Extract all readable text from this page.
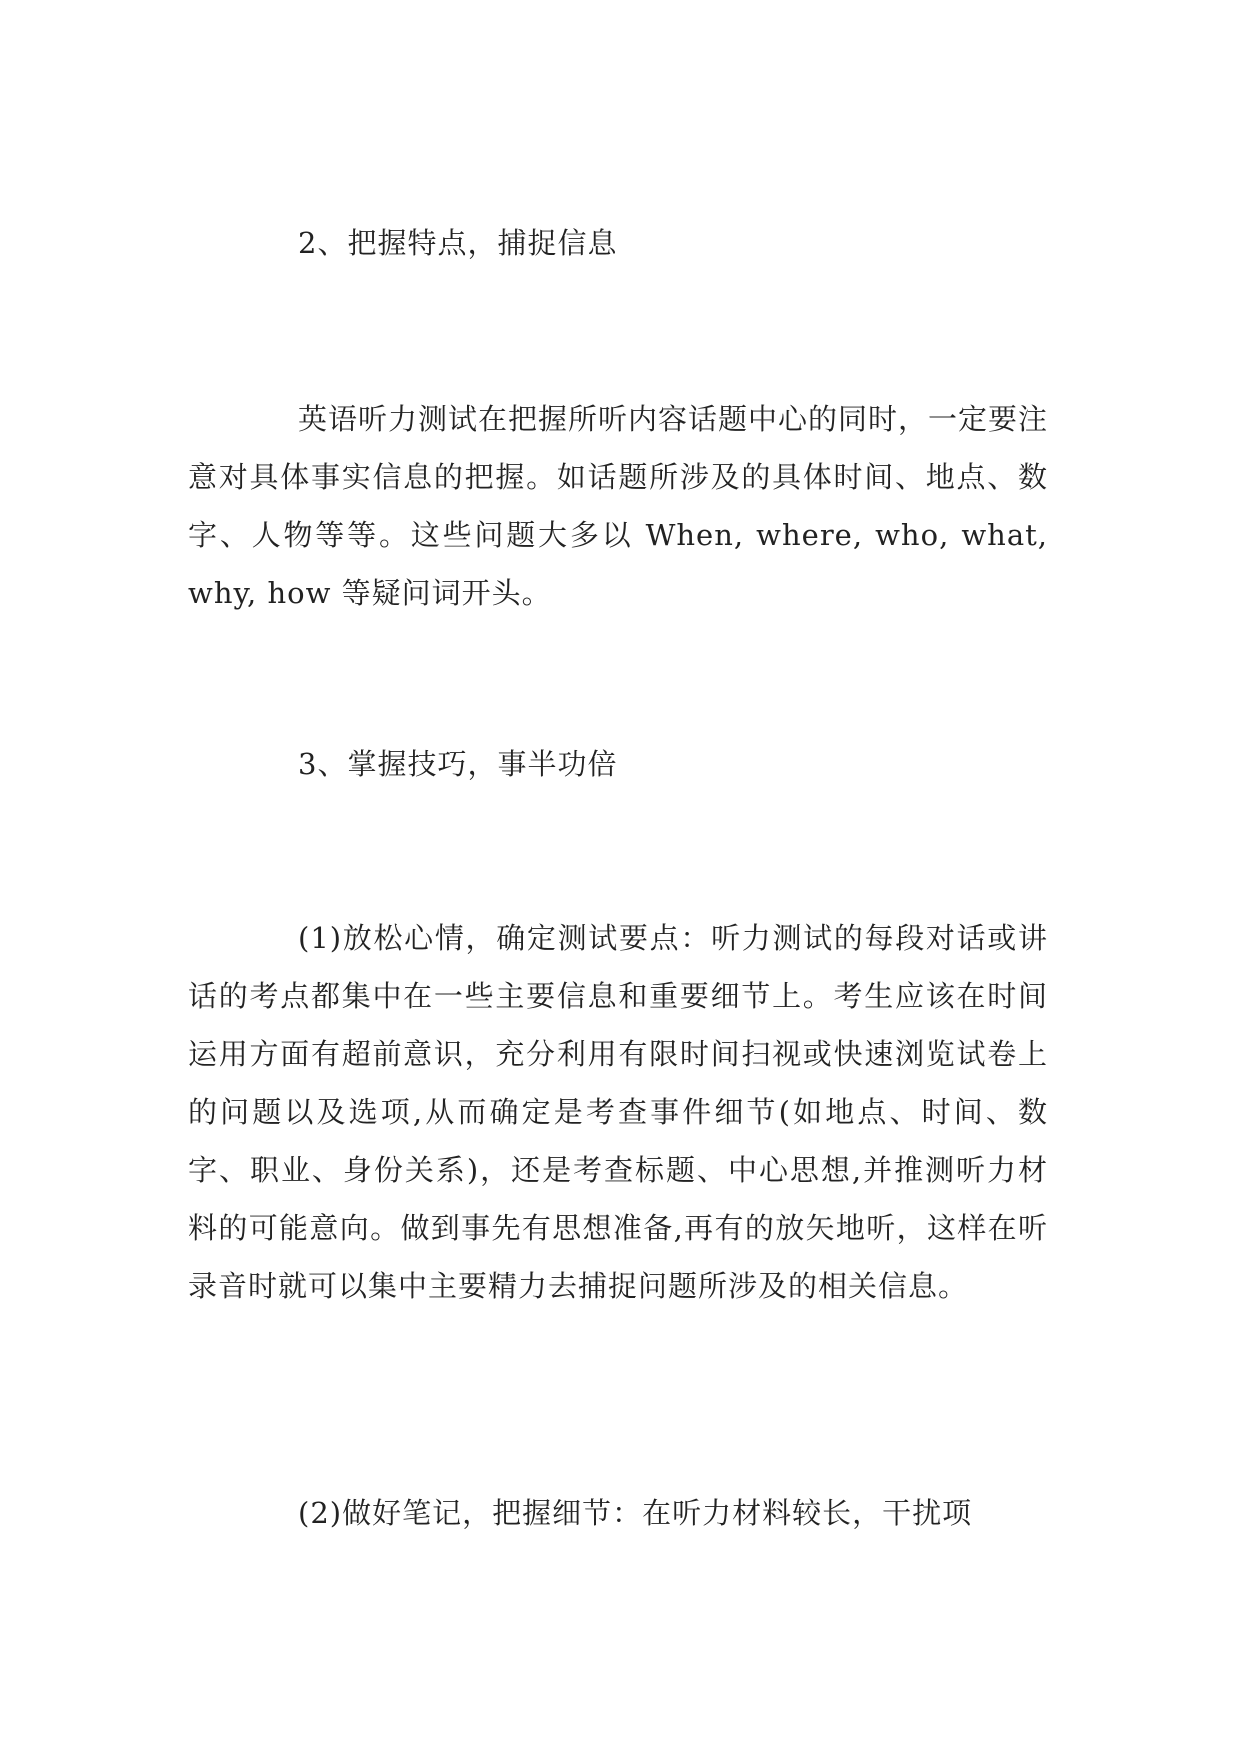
2、把握特点，捕捉信息

英语听力测试在把握所听内容话题中心的同时，一定要注意对具体事实信息的把握。如话题所涉及的具体时间、地点、数字、人物等等。这些问题大多以 When, where, who, what, why, how 等疑问词开头。

3、掌握技巧，事半功倍

(1)放松心情，确定测试要点：听力测试的每段对话或讲话的考点都集中在一些主要信息和重要细节上。考生应该在时间运用方面有超前意识，充分利用有限时间扫视或快速浏览试卷上的问题以及选项,从而确定是考查事件细节(如地点、时间、数字、职业、身份关系)，还是考查标题、中心思想,并推测听力材料的可能意向。做到事先有思想准备,再有的放矢地听，这样在听录音时就可以集中主要精力去捕捉问题所涉及的相关信息。

(2)做好笔记，把握细节：在听力材料较长，干扰项
